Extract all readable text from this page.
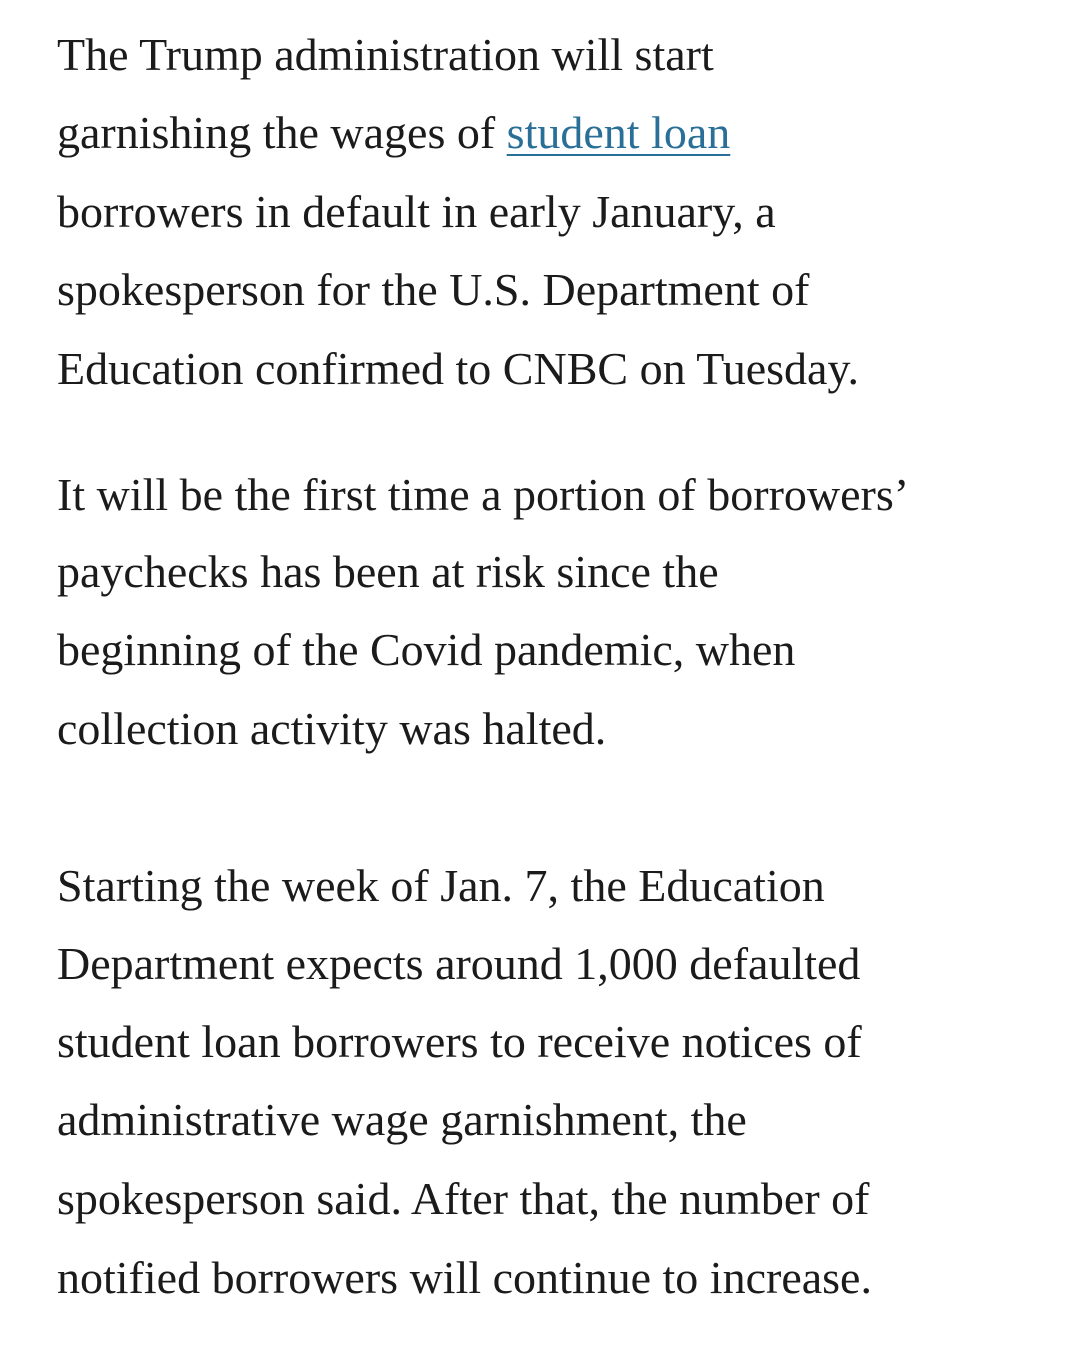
The Trump administration will start
garnishing the wages of student loan
borrowers in default in early January, a
spokesperson for the U.S. Department of
Education confirmed to CNBC on Tuesday.
It will be the first time a portion of borrowers’
paychecks has been at risk since the
beginning of the Covid pandemic, when
collection activity was halted.
Starting the week of Jan. 7, the Education
Department expects around 1,000 defaulted
student loan borrowers to receive notices of
administrative wage garnishment, the
spokesperson said. After that, the number of
notified borrowers will continue to increase.
